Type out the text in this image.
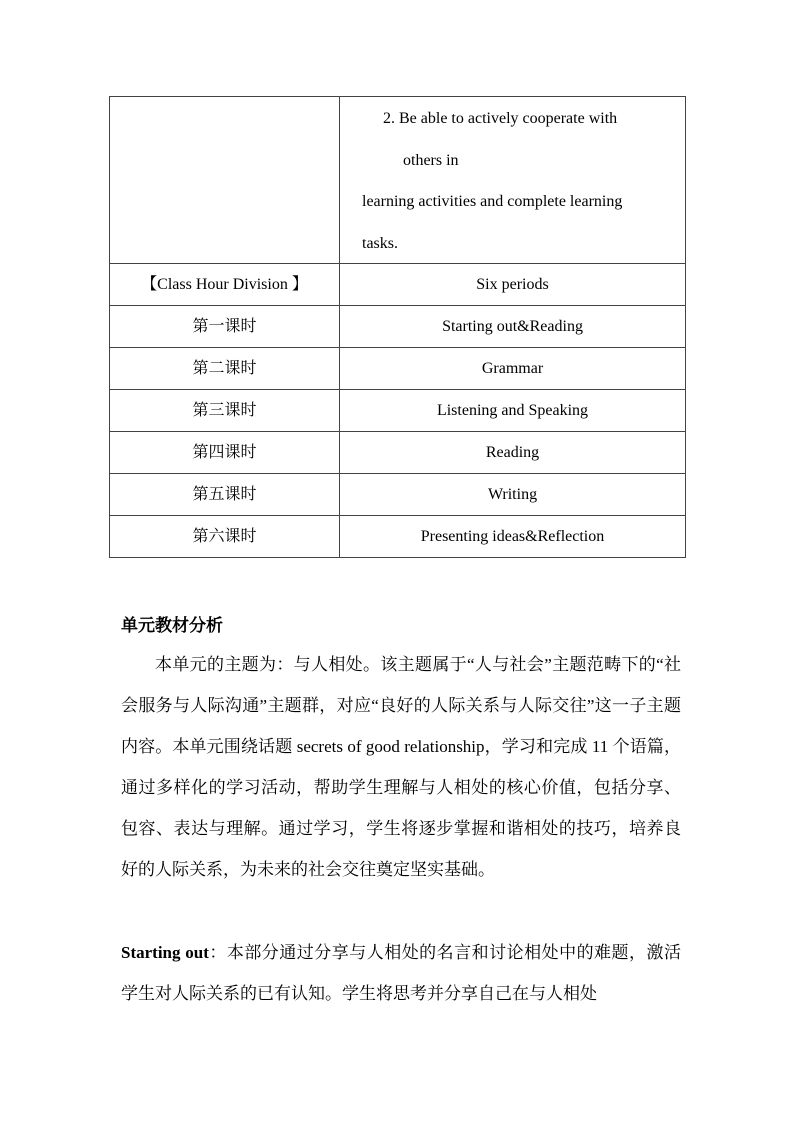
	2. Be able to actively cooperate with
others in
learning activities and complete learning
tasks.

【Class Hour Division 】	Six periods
第一课时	Starting out&Reading
第二课时	Grammar
第三课时	Listening and Speaking
第四课时	Reading
第五课时	Writing
第六课时	Presenting ideas&Reflection
单元教材分析
本单元的主题为：与人相处。该主题属于“人与社会”主题范畴下的“社会服务与人际沟通”主题群，对应“良好的人际关系与人际交往”这一子主题内容。本单元围绕话题 secrets of good relationship，学习和完成 11 个语篇，通过多样化的学习活动，帮助学生理解与人相处的核心价值，包括分享、包容、表达与理解。通过学习，学生将逐步掌握和谐相处的技巧，培养良好的人际关系，为未来的社会交往奠定坚实基础。
Starting out：本部分通过分享与人相处的名言和讨论相处中的难题，激活学生对人际关系的已有认知。学生将思考并分享自己在与人相处
